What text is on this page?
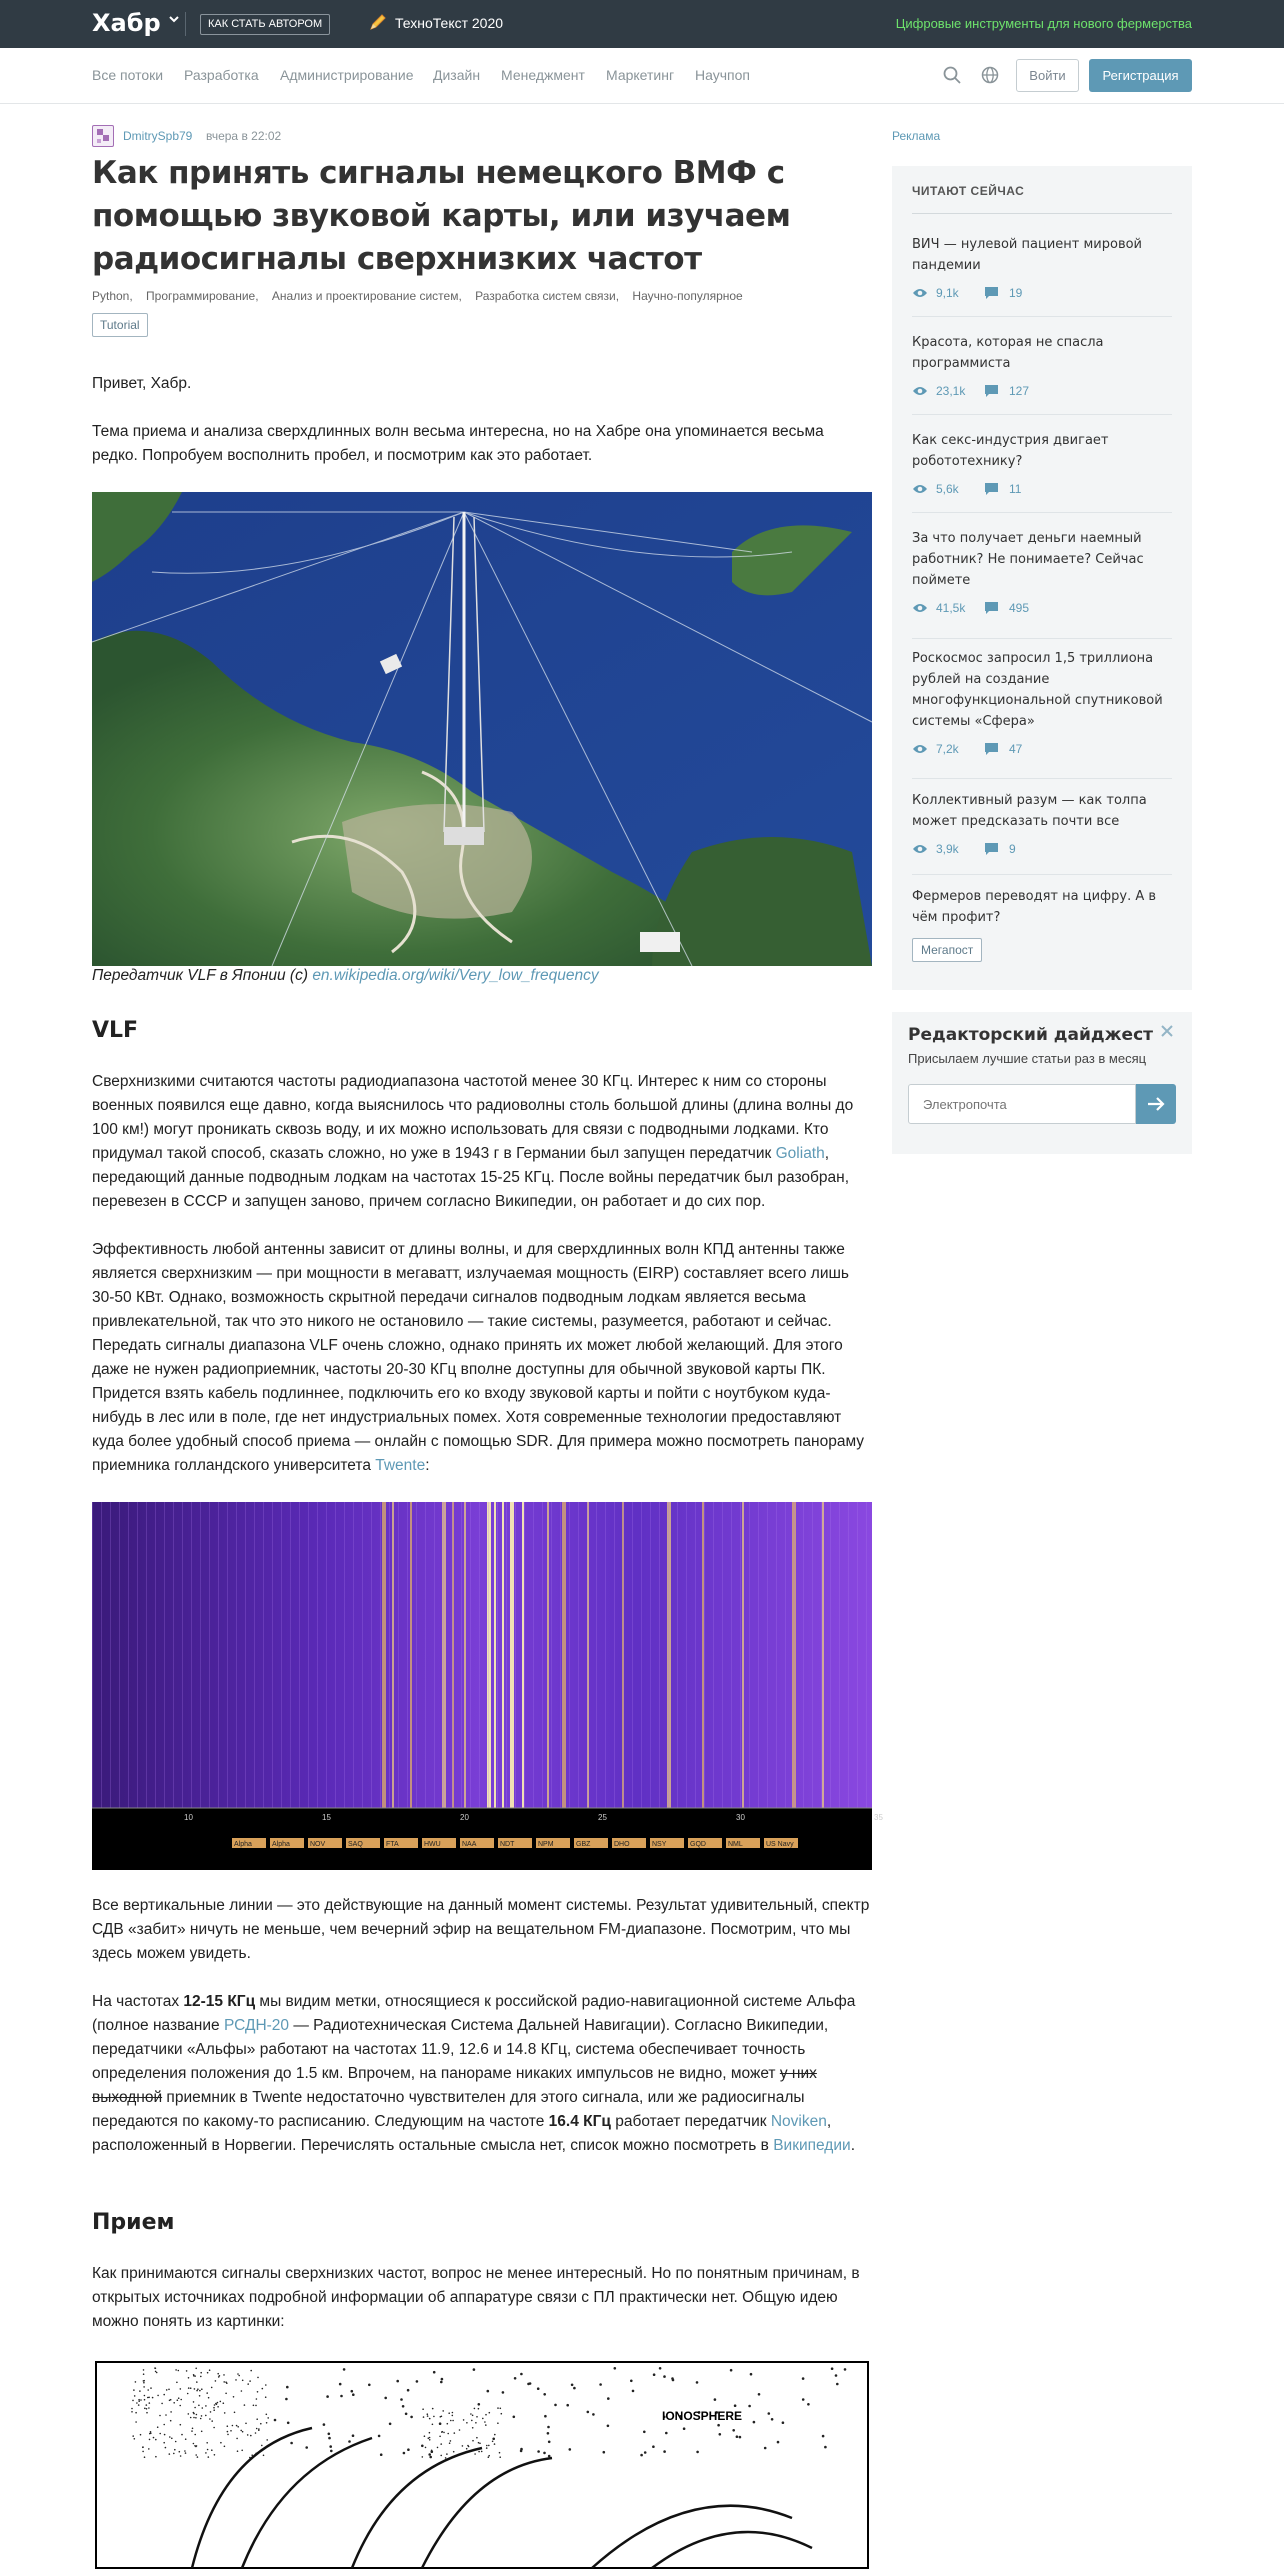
Хабр	КАК СТАТЬ АВТОРОМ	ТехноТекст 2020	Цифровые инструменты для нового фермерства
Все потоки Разработка Администрирование Дизайн Менеджмент Маркетинг Научпоп	Войти	Регистрация
DmitrySpb79 вчера в 22:02
Как принять сигналы немецкого ВМФ с помощью звуковой карты, или изучаем радиосигналы сверхнизких частот
Python, Программирование, Анализ и проектирование систем, Разработка систем связи, Научно-популярное
Tutorial
Привет, Хабр.
Тема приема и анализа сверхдлинных волн весьма интересна, но на Хабре она упоминается весьма редко. Попробуем восполнить пробел, и посмотрим как это работает.
Передатчик VLF в Японии (с) en.wikipedia.org/wiki/Very_low_frequency
VLF
Сверхнизкими считаются частоты радиодиапазона частотой менее 30 КГц. Интерес к ним со стороны военных появился еще давно, когда выяснилось что радиоволны столь большой длины (длина волны до 100 км!) могут проникать сквозь воду, и их можно использовать для связи с подводными лодками. Кто придумал такой способ, сказать сложно, но уже в 1943 г в Германии был запущен передатчик Goliath, передающий данные подводным лодкам на частотах 15-25 КГц. После войны передатчик был разобран, перевезен в СССР и запущен заново, причем согласно Википедии, он работает и до сих пор.
Эффективность любой антенны зависит от длины волны, и для сверхдлинных волн КПД антенны также является сверхнизким — при мощности в мегаватт, излучаемая мощность (EIRP) составляет всего лишь 30-50 КВт. Однако, возможность скрытной передачи сигналов подводным лодкам является весьма привлекательной, так что это никого не остановило — такие системы, разумеется, работают и сейчас. Передать сигналы диапазона VLF очень сложно, однако принять их может любой желающий. Для этого даже не нужен радиоприемник, частоты 20-30 КГц вполне доступны для обычной звуковой карты ПК. Придется взять кабель подлиннее, подключить его ко входу звуковой карты и пойти с ноутбуком куда-нибудь в лес или в поле, где нет индустриальных помех. Хотя современные технологии предоставляют куда более удобный способ приема — онлайн с помощью SDR. Для примера можно посмотреть панораму приемника голландского университета Twente:
10	15	20	25	30	35
Alpha	Alpha	NOV	SAQ	FTA	HWU	NAA	NDT	NPM	GBZ	DHO	NSY	GQD	NML	US Navy
Все вертикальные линии — это действующие на данный момент системы. Результат удивительный, спектр СДВ «забит» ничуть не меньше, чем вечерний эфир на вещательном FM-диапазоне. Посмотрим, что мы здесь можем увидеть.
На частотах 12-15 КГц мы видим метки, относящиеся к российской радио-навигационной системе Альфа (полное название РСДН-20 — Радиотехническая Система Дальней Навигации). Согласно Википедии, передатчики «Альфы» работают на частотах 11.9, 12.6 и 14.8 КГц, система обеспечивает точность определения положения до 1.5 км. Впрочем, на панораме никаких импульсов не видно, может у них выходной приемник в Twente недостаточно чувствителен для этого сигнала, или же радиосигналы передаются по какому-то расписанию. Следующим на частоте 16.4 КГц работает передатчик Noviken, расположенный в Норвегии. Перечислять остальные смысла нет, список можно посмотреть в Википедии.
Прием
Как принимаются сигналы сверхнизких частот, вопрос не менее интересный. Но по понятным причинам, в открытых источниках подробной информации об аппаратуре связи с ПЛ практически нет. Общую идею можно понять из картинки:
IONOSPHERE
Реклама
ЧИТАЮТ СЕЙЧАС
ВИЧ — нулевой пациент мировой пандемии
9,1k	19
Красота, которая не спасла программиста
23,1k	127
Как секс-индустрия двигает робототехнику?
5,6k	11
За что получает деньги наемный работник? Не понимаете? Сейчас поймете
41,5k	495
Роскосмос запросил 1,5 триллиона рублей на создание многофункциональной спутниковой системы «Сфера»
7,2k	47
Коллективный разум — как толпа может предсказать почти все
3,9k	9
Фермеров переводят на цифру. А в чём профит?
Мегапост
Редакторский дайджест
Присылаем лучшие статьи раз в месяц
Электропочта
